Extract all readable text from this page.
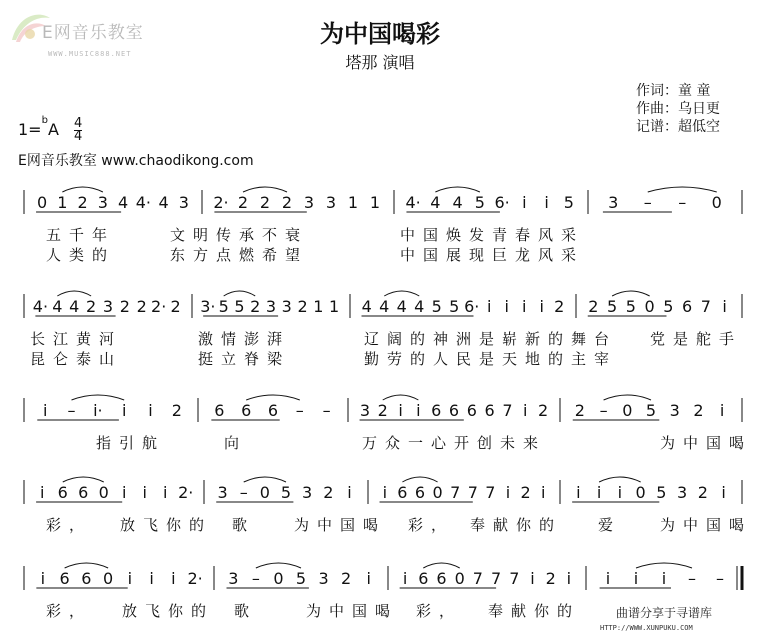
E网音乐教室
WWW.MUSIC888.NET
为中国喝彩
塔那 演唱
作词：童 童
作曲：乌日更
记谱：超低空
$1=^bA \frac{4}{4}$
E网音乐教室 www.chaodikong.com
0 1 2 3 4 4· 4 3 2· 2 2 2 3 3 1 1 4· 4 4 5 6· i i 5 3 – – 0
五千年	文明传承不衰	中国焕发青春风采
人类的	东方点燃希望	中国展现巨龙风采
4· 4 4 2 3 2 2 2· 2 3· 5 5 2 3 3 2 1 1 4 4 4 4 5 5 6· i i i i 2 2 5 5 0 5 6 7 i
长江黄河	激情澎湃	辽阔的神洲是崭新的舞台 党是舵手
昆仑泰山	挺立脊梁	勤劳的人民是天地的主宰
i – i· i i 2 6 6 6 – – 3 2 i i 6 6 6 6 7 i 2 2 – 0 5 3 2 i
指引航	向	万众一心开创未来	为中国喝
i 6 6 0 i i i 2· 3 – 0 5 3 2 i i 6 6 0 7 7 7 i 2 i i i i 0 5 3 2 i
彩， 放飞你的 歌	为中国喝 彩， 奉献你的 爱	为中国喝
i 6 6 0 i i i 2· 3 – 0 5 3 2 i i 6 6 0 7 7 7 i 2 i i i i – –
彩， 放飞你的 歌	为中国喝 彩， 奉献你的	曲谱分享于寻谱库
HTTP://WWW.XUNPUKU.COM
